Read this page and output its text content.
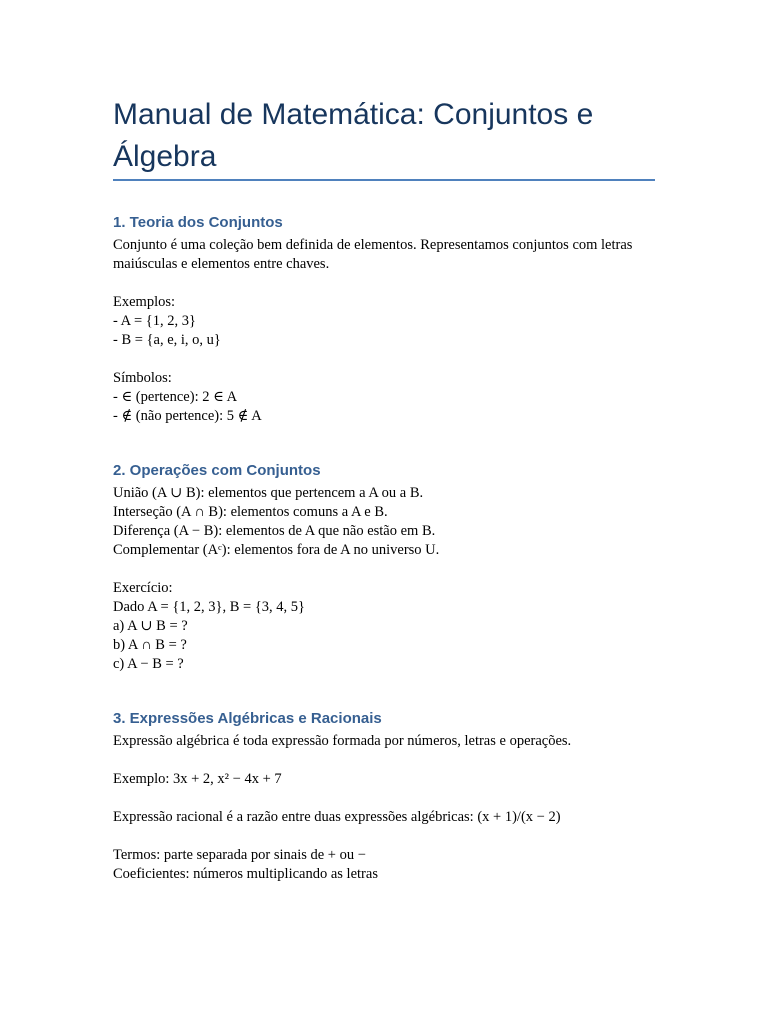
Manual de Matemática: Conjuntos e Álgebra
1. Teoria dos Conjuntos
Conjunto é uma coleção bem definida de elementos. Representamos conjuntos com letras maiúsculas e elementos entre chaves.
Exemplos:
- A = {1, 2, 3}
- B = {a, e, i, o, u}
Símbolos:
- ∈ (pertence): 2 ∈ A
- ∉ (não pertence): 5 ∉ A
2. Operações com Conjuntos
União (A ∪ B): elementos que pertencem a A ou a B.
Interseção (A ∩ B): elementos comuns a A e B.
Diferença (A − B): elementos de A que não estão em B.
Complementar (Aᶜ): elementos fora de A no universo U.
Exercício:
Dado A = {1, 2, 3}, B = {3, 4, 5}
a) A ∪ B = ?
b) A ∩ B = ?
c) A − B = ?
3. Expressões Algébricas e Racionais
Expressão algébrica é toda expressão formada por números, letras e operações.
Exemplo: 3x + 2, x² − 4x + 7
Expressão racional é a razão entre duas expressões algébricas: (x + 1)/(x − 2)
Termos: parte separada por sinais de + ou −
Coeficientes: números multiplicando as letras
